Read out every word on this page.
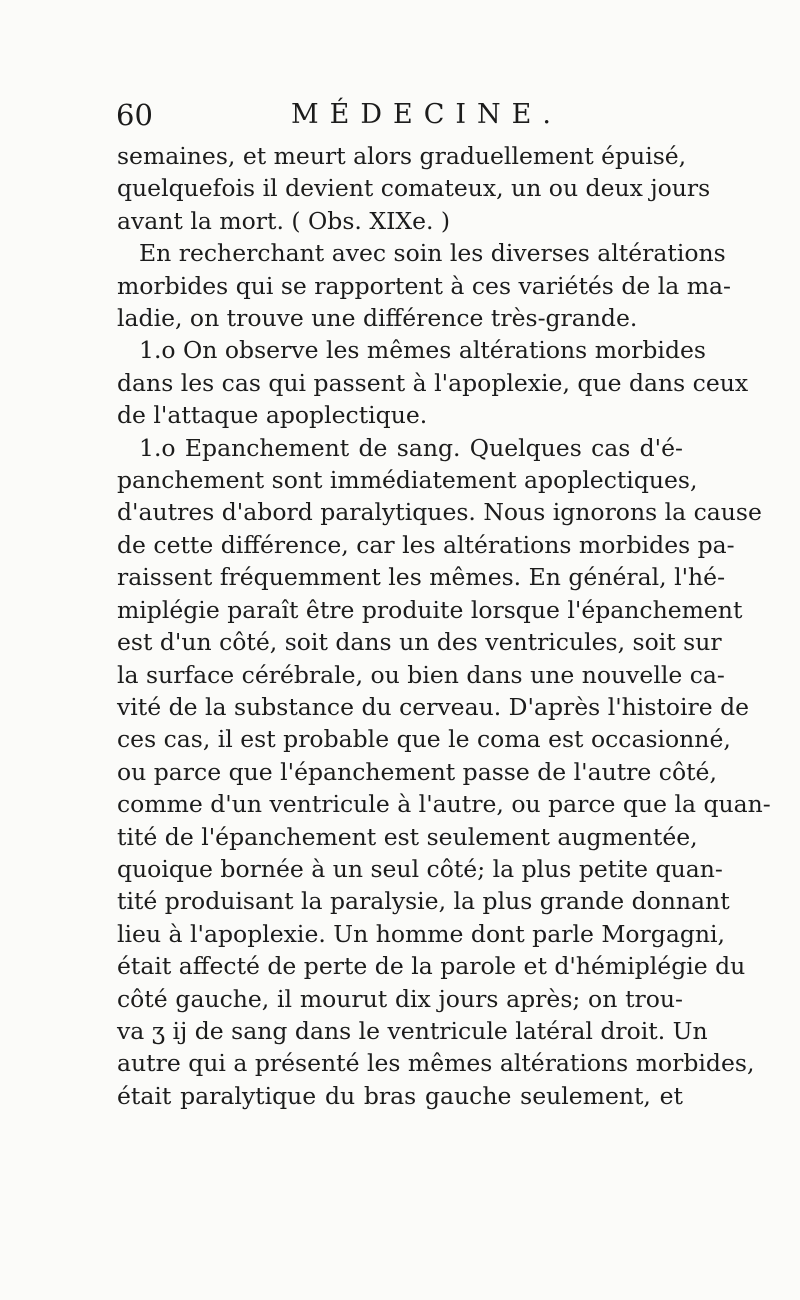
60	MÉDECINE.
semaines, et meurt alors graduellement épuisé,
quelquefois il devient comateux, un ou deux jours
avant la mort. ( Obs. XIXe. )
En recherchant avec soin les diverses altérations
morbides qui se rapportent à ces variétés de la ma-
ladie, on trouve une différence très-grande.
1.o On observe les mêmes altérations morbides
dans les cas qui passent à l'apoplexie, que dans ceux
de l'attaque apoplectique.
1.o Epanchement de sang. Quelques cas d'é-
panchement sont immédiatement apoplectiques,
d'autres d'abord paralytiques. Nous ignorons la cause
de cette différence, car les altérations morbides pa-
raissent fréquemment les mêmes. En général, l'hé-
miplégie paraît être produite lorsque l'épanchement
est d'un côté, soit dans un des ventricules, soit sur
la surface cérébrale, ou bien dans une nouvelle ca-
vité de la substance du cerveau. D'après l'histoire de
ces cas, il est probable que le coma est occasionné,
ou parce que l'épanchement passe de l'autre côté,
comme d'un ventricule à l'autre, ou parce que la quan-
tité de l'épanchement est seulement augmentée,
quoique bornée à un seul côté; la plus petite quan-
tité produisant la paralysie, la plus grande donnant
lieu à l'apoplexie. Un homme dont parle Morgagni,
était affecté de perte de la parole et d'hémiplégie du
côté gauche, il mourut dix jours après; on trou-
va ʒ ij de sang dans le ventricule latéral droit. Un
autre qui a présenté les mêmes altérations morbides,
était paralytique du bras gauche seulement, et
